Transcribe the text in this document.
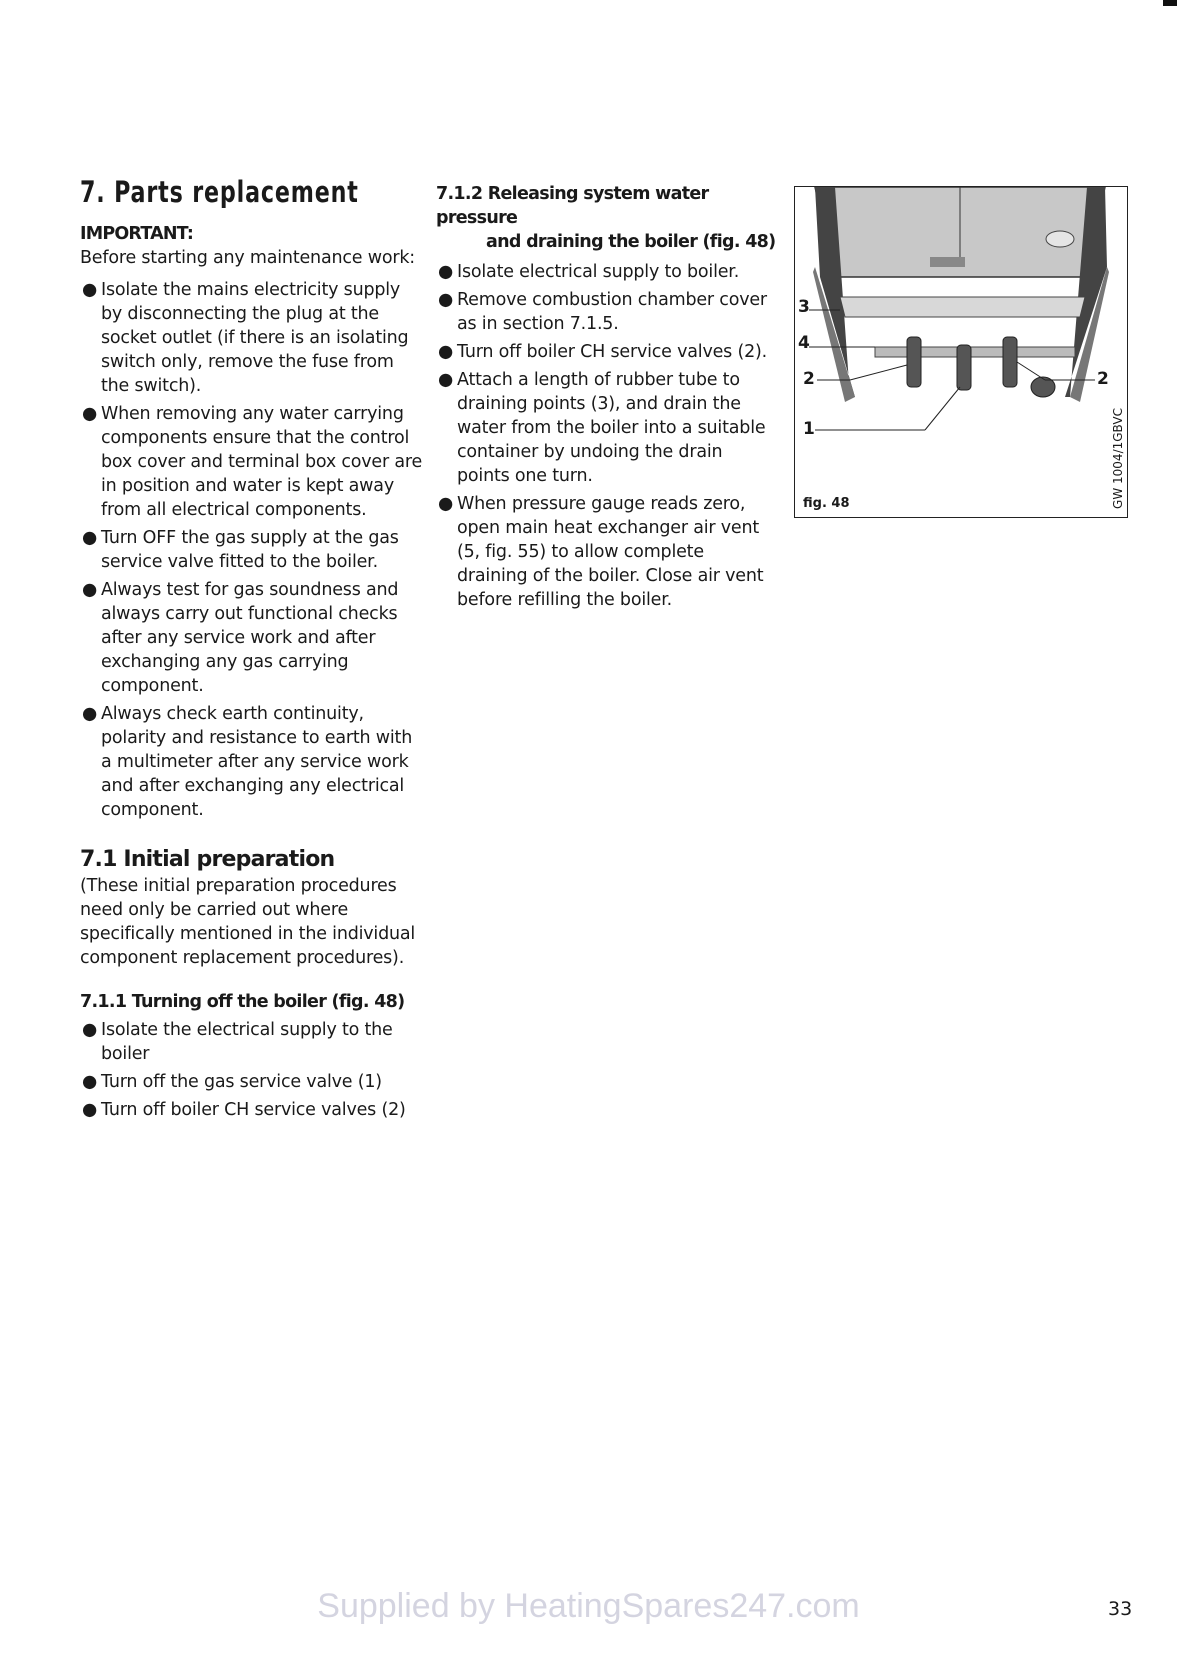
7. Parts replacement
IMPORTANT:

Before starting any maintenance work:

● Isolate the mains electricity supply by disconnecting the plug at the socket outlet (if there is an isolating switch only, remove the fuse from the switch).
● When removing any water carrying components ensure that the control box cover and terminal box cover are in position and water is kept away from all electrical components.
● Turn OFF the gas supply at the gas service valve fitted to the boiler.
● Always test for gas soundness and always carry out functional checks after any service work and after exchanging any gas carrying component.
● Always check earth continuity, polarity and resistance to earth with a multimeter after any service work and after exchanging any electrical component.
7.1 Initial preparation

(These initial preparation procedures need only be carried out where specifically mentioned in the individual component replacement procedures).

7.1.1 Turning off the boiler (fig. 48)
● Isolate the electrical supply to the boiler
● Turn off the gas service valve (1)
● Turn off boiler CH service valves (2)
7.1.2 Releasing system water pressure
and draining the boiler (fig. 48)
● Isolate electrical supply to boiler.
● Remove combustion chamber cover as in section 7.1.5.
● Turn off boiler CH service valves (2).
● Attach a length of rubber tube to draining points (3), and drain the water from the boiler into a suitable container by undoing the drain points one turn.
● When pressure gauge reads zero, open main heat exchanger air vent (5, fig. 55) to allow complete draining of the boiler. Close air vent before refilling the boiler.
3
4
2
1
2
fig. 48	GW 1004/1GBVC
Supplied by HeatingSpares247.com	33
